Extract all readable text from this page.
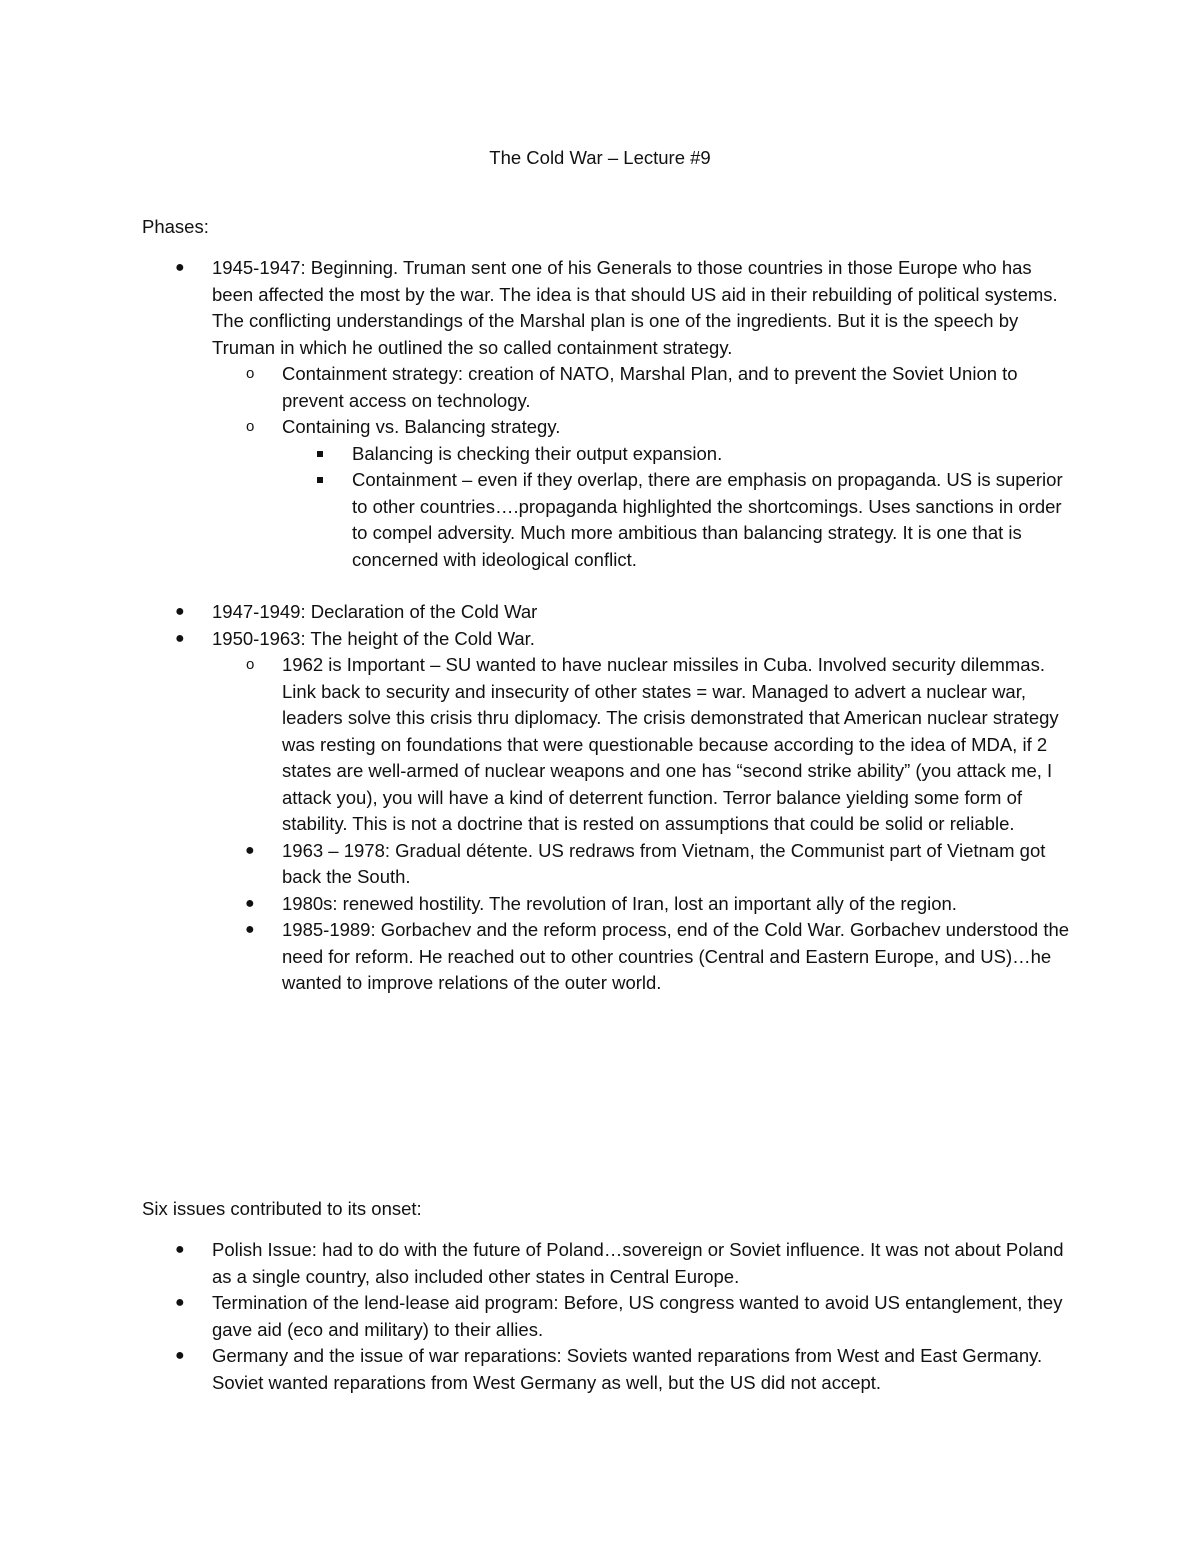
The Cold War – Lecture #9
Phases:
● 1945-1947: Beginning. Truman sent one of his Generals to those countries in those Europe who has been affected the most by the war. The idea is that should US aid in their rebuilding of political systems. The conflicting understandings of the Marshal plan is one of the ingredients. But it is the speech by Truman in which he outlined the so called containment strategy.
o Containment strategy: creation of NATO, Marshal Plan, and to prevent the Soviet Union to prevent access on technology.
o Containing vs. Balancing strategy.
Balancing is checking their output expansion.
Containment – even if they overlap, there are emphasis on propaganda. US is superior to other countries….propaganda highlighted the shortcomings. Uses sanctions in order to compel adversity. Much more ambitious than balancing strategy. It is one that is concerned with ideological conflict.
● 1947-1949: Declaration of the Cold War
● 1950-1963: The height of the Cold War.
o 1962 is Important – SU wanted to have nuclear missiles in Cuba. Involved security dilemmas. Link back to security and insecurity of other states = war. Managed to advert a nuclear war, leaders solve this crisis thru diplomacy. The crisis demonstrated that American nuclear strategy was resting on foundations that were questionable because according to the idea of MDA, if 2 states are well-armed of nuclear weapons and one has “second strike ability” (you attack me, I attack you), you will have a kind of deterrent function. Terror balance yielding some form of stability. This is not a doctrine that is rested on assumptions that could be solid or reliable.
● 1963 – 1978: Gradual détente. US redraws from Vietnam, the Communist part of Vietnam got back the South.
● 1980s: renewed hostility. The revolution of Iran, lost an important ally of the region.
● 1985-1989: Gorbachev and the reform process, end of the Cold War. Gorbachev understood the need for reform. He reached out to other countries (Central and Eastern Europe, and US)…he wanted to improve relations of the outer world.
Six issues contributed to its onset:
● Polish Issue: had to do with the future of Poland…sovereign or Soviet influence. It was not about Poland as a single country, also included other states in Central Europe.
● Termination of the lend-lease aid program: Before, US congress wanted to avoid US entanglement, they gave aid (eco and military) to their allies.
● Germany and the issue of war reparations: Soviets wanted reparations from West and East Germany. Soviet wanted reparations from West Germany as well, but the US did not accept.
